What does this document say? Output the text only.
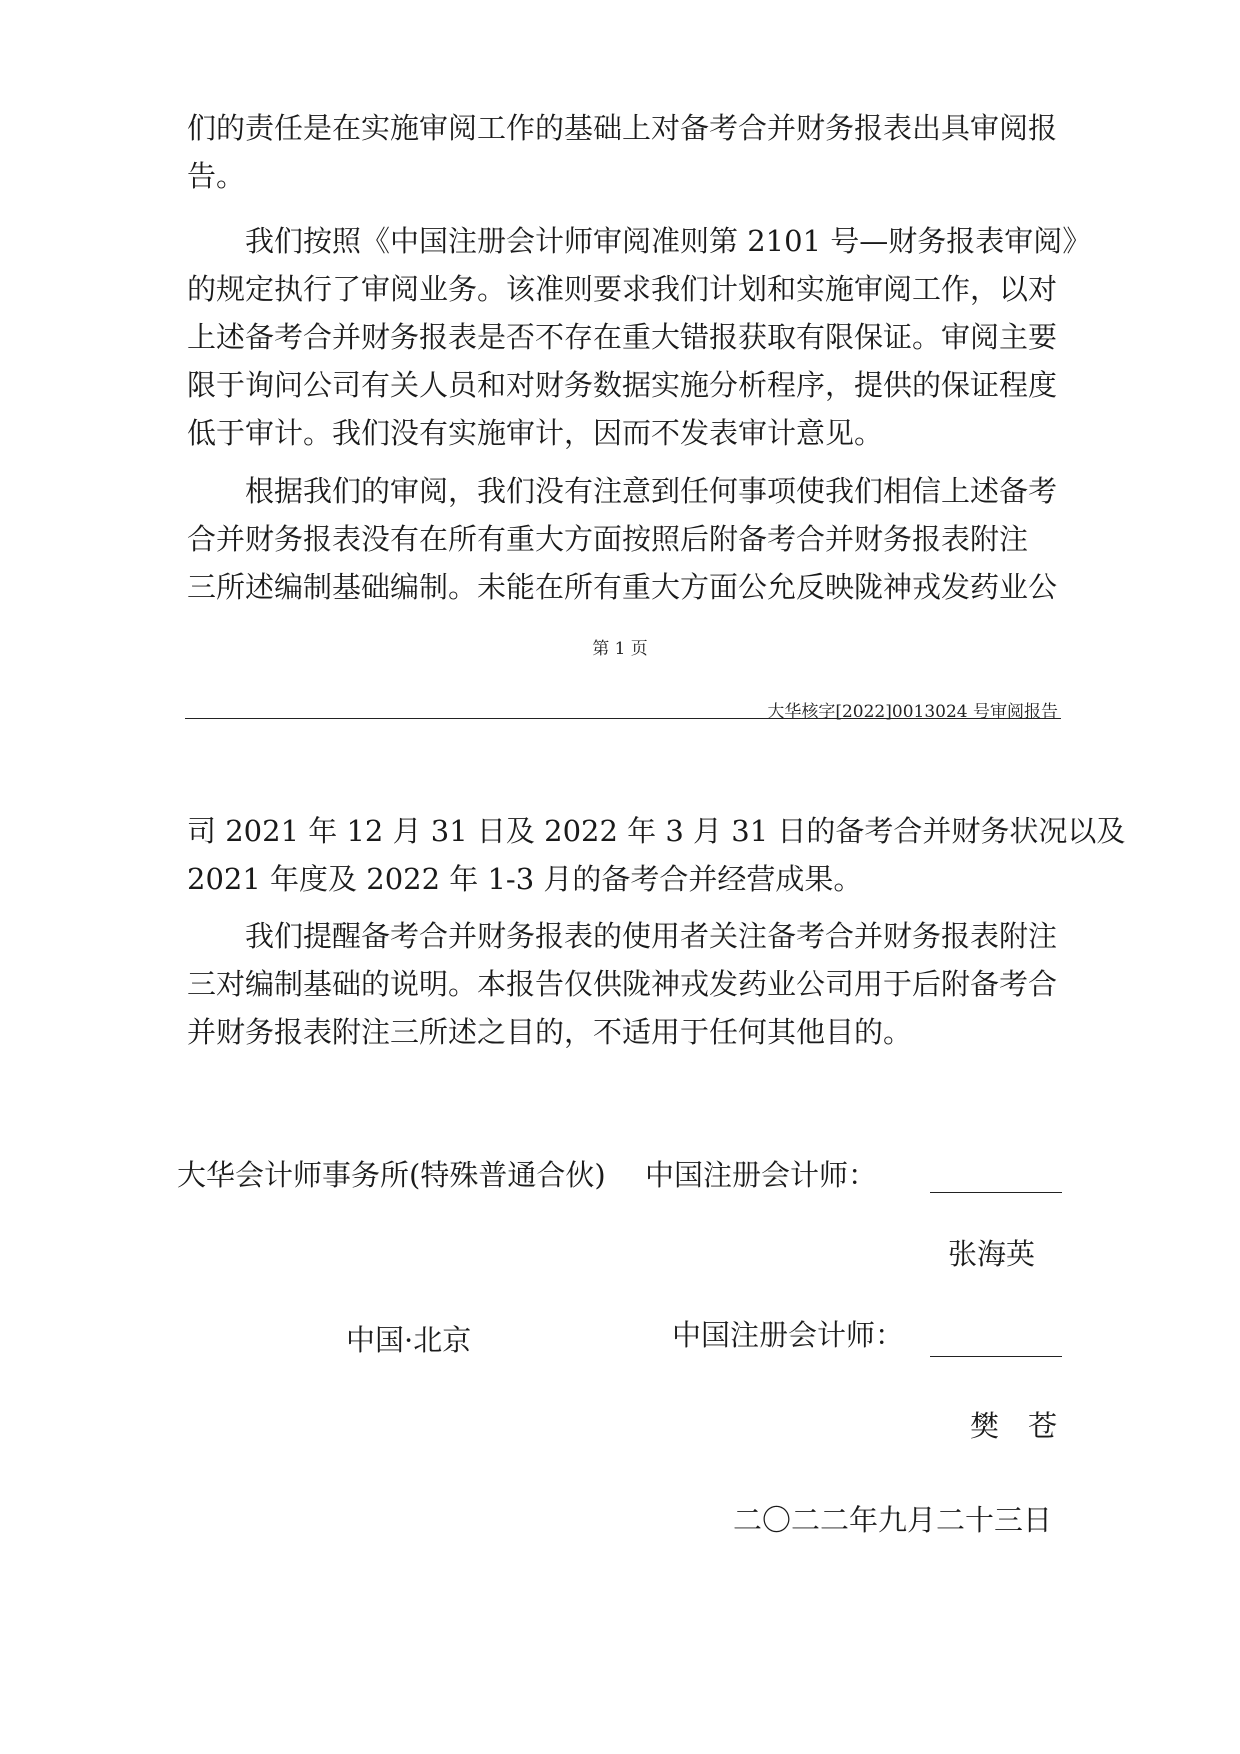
们的责任是在实施审阅工作的基础上对备考合并财务报表出具审阅报
告。
我们按照《中国注册会计师审阅准则第 2101 号—财务报表审阅》
的规定执行了审阅业务。该准则要求我们计划和实施审阅工作，以对
上述备考合并财务报表是否不存在重大错报获取有限保证。审阅主要
限于询问公司有关人员和对财务数据实施分析程序，提供的保证程度
低于审计。我们没有实施审计，因而不发表审计意见。
根据我们的审阅，我们没有注意到任何事项使我们相信上述备考
合并财务报表没有在所有重大方面按照后附备考合并财务报表附注
三所述编制基础编制。未能在所有重大方面公允反映陇神戎发药业公
第 1 页
大华核字[2022]0013024 号审阅报告
司 2021 年 12 月 31 日及 2022 年 3 月 31 日的备考合并财务状况以及
2021 年度及 2022 年 1-3 月的备考合并经营成果。
我们提醒备考合并财务报表的使用者关注备考合并财务报表附注
三对编制基础的说明。本报告仅供陇神戎发药业公司用于后附备考合
并财务报表附注三所述之目的，不适用于任何其他目的。
大华会计师事务所(特殊普通合伙) 中国注册会计师：
张海英
中国·北京	中国注册会计师：
樊　苍
二〇二二年九月二十三日
